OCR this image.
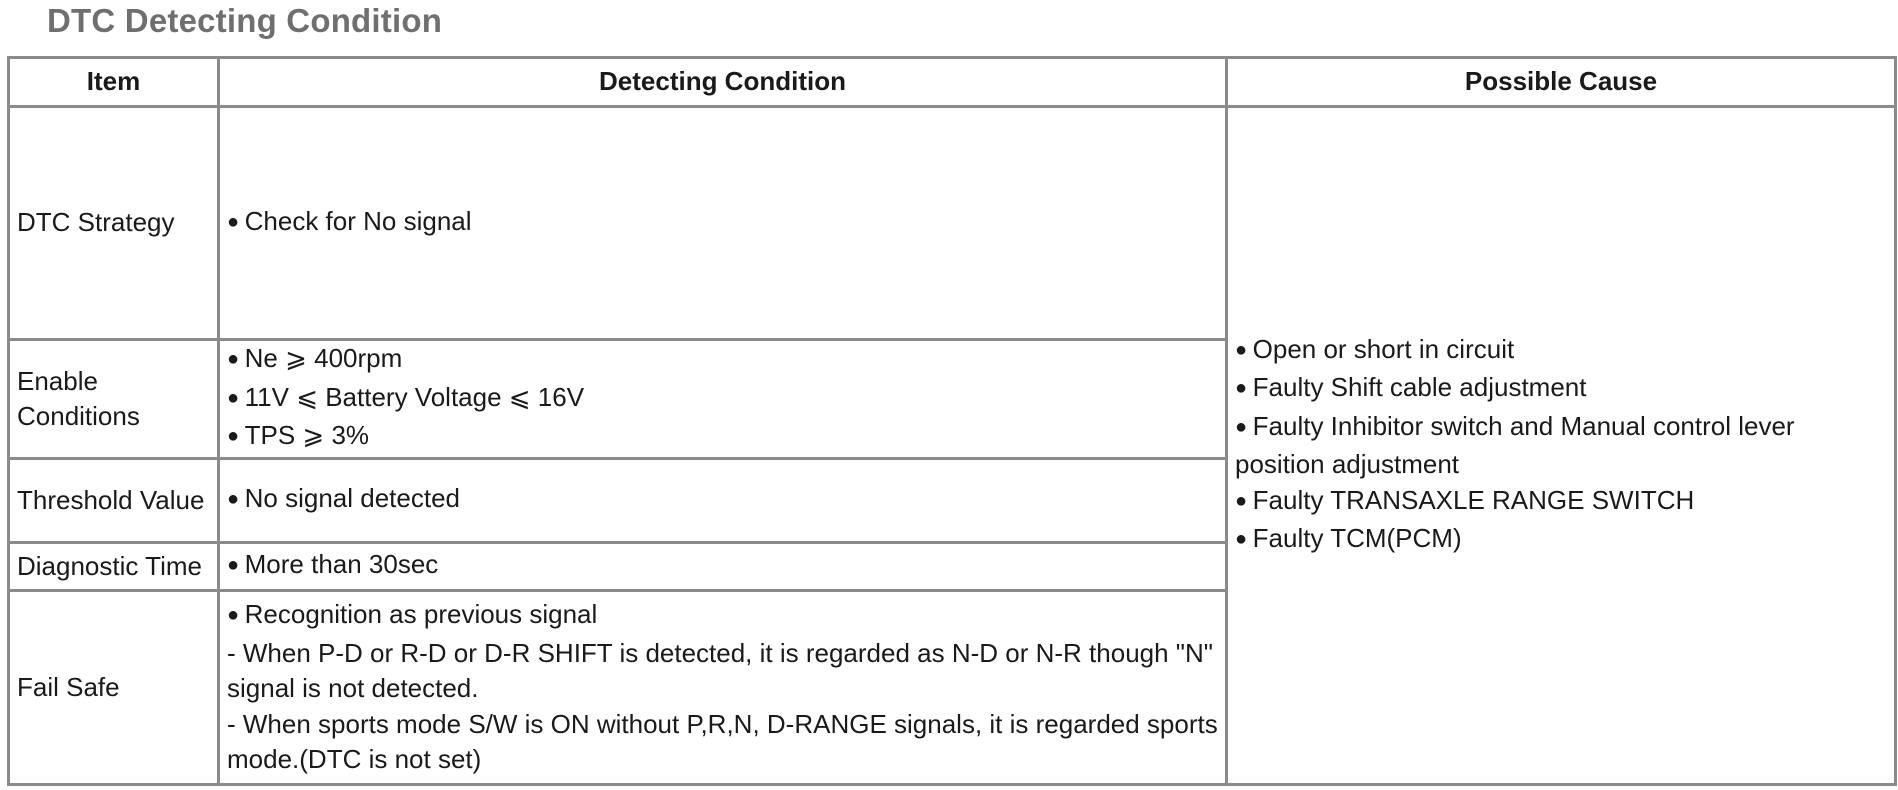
DTC Detecting Condition
Item	Detecting Condition	Possible Cause
DTC Strategy	● Check for No signal	● Open or short in circuit
● Faulty Shift cable adjustment
● Faulty Inhibitor switch and Manual control lever position adjustment
● Faulty TRANSAXLE RANGE SWITCH
● Faulty TCM(PCM)

Enable Conditions	● Ne ⩾ 400rpm
● 11V ⩽ Battery Voltage ⩽ 16V
● TPS ⩾ 3%

Threshold Value	● No signal detected

Diagnostic Time	● More than 30sec

Fail Safe	● Recognition as previous signal
- When P-D or R-D or D-R SHIFT is detected, it is regarded as N-D or N-R though "N" signal is not detected.
- When sports mode S/W is ON without P,R,N, D-RANGE signals, it is regarded sports mode.(DTC is not set)
